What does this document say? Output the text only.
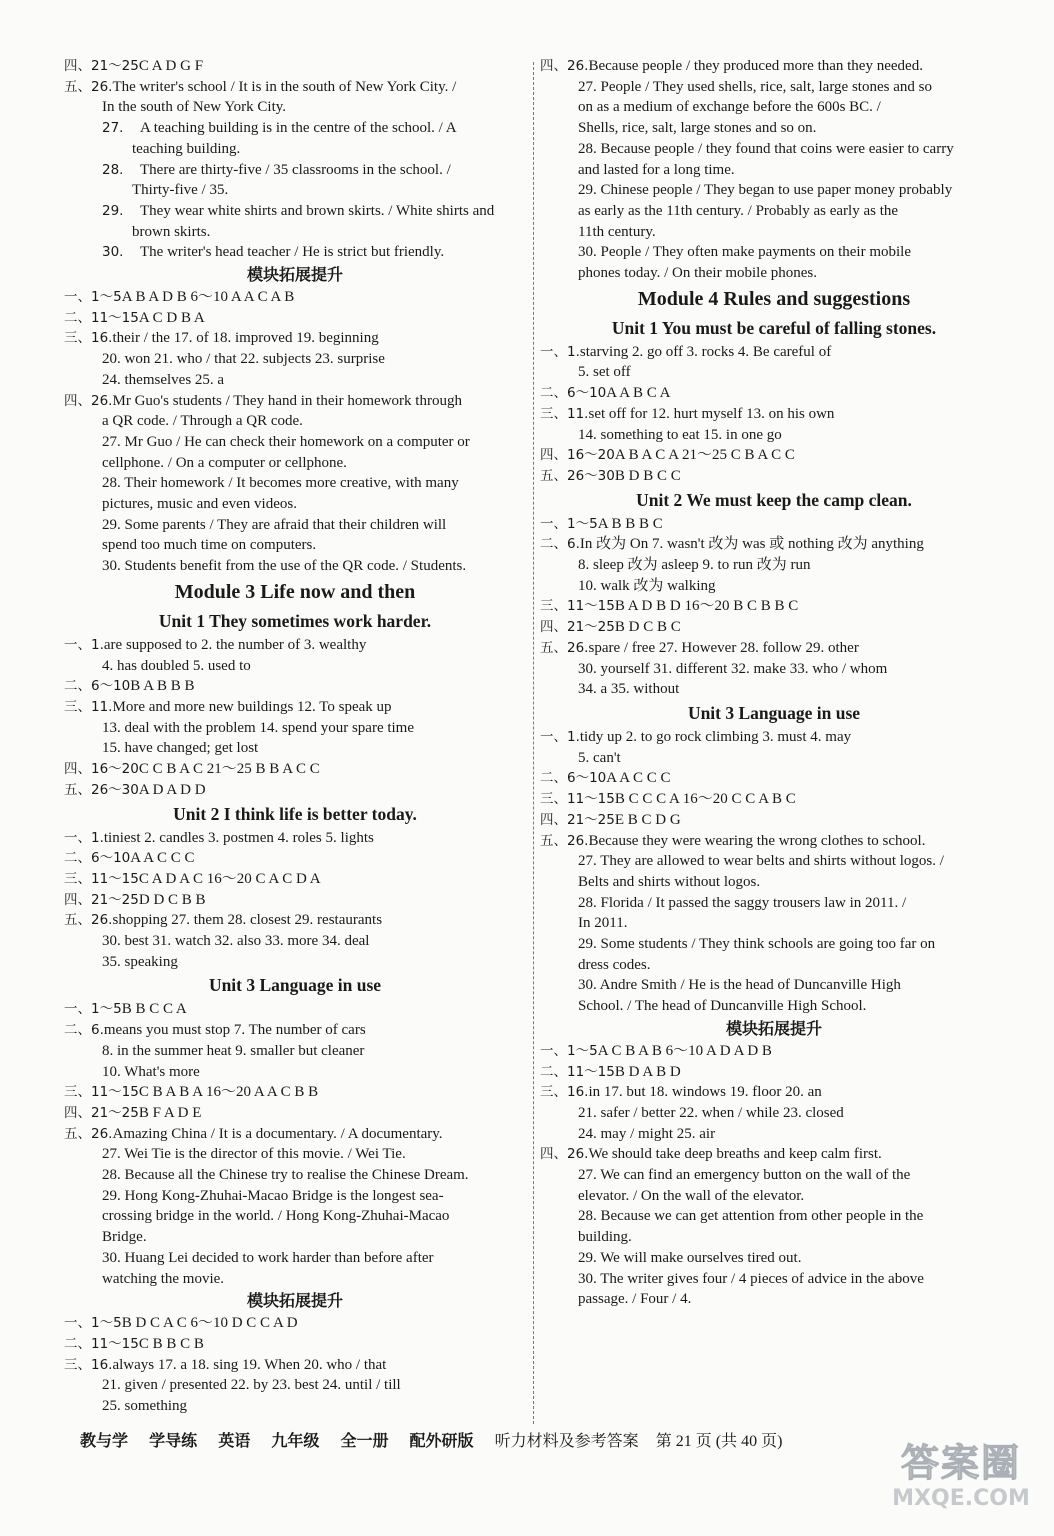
四、21～25C A D G F
五、26.The writer's school / It is in the south of New York City. /
In the south of New York City.
27. A teaching building is in the centre of the school. / A
teaching building.
28. There are thirty-five / 35 classrooms in the school. /
Thirty-five / 35.
29. They wear white shirts and brown skirts. / White shirts and
brown skirts.
30. The writer's head teacher / He is strict but friendly.
模块拓展提升
一、1～5A B A D B 6～10 A A C A B
二、11～15A C D B A
三、16.their / the 17. of 18. improved 19. beginning
20. won 21. who / that 22. subjects 23. surprise
24. themselves 25. a
四、26.Mr Guo's students / They hand in their homework through
a QR code. / Through a QR code.
27. Mr Guo / He can check their homework on a computer or
cellphone. / On a computer or cellphone.
28. Their homework / It becomes more creative, with many
pictures, music and even videos.
29. Some parents / They are afraid that their children will
spend too much time on computers.
30. Students benefit from the use of the QR code. / Students.
Module 3 Life now and then
Unit 1 They sometimes work harder.
一、1.are supposed to 2. the number of 3. wealthy
4. has doubled 5. used to
二、6～10B A B B B
三、11.More and more new buildings 12. To speak up
13. deal with the problem 14. spend your spare time
15. have changed; get lost
四、16～20C C B A C 21～25 B B A C C
五、26～30A D A D D
Unit 2 I think life is better today.
一、1.tiniest 2. candles 3. postmen 4. roles 5. lights
二、6～10A A C C C
三、11～15C A D A C 16～20 C A C D A
四、21～25D D C B B
五、26.shopping 27. them 28. closest 29. restaurants
30. best 31. watch 32. also 33. more 34. deal
35. speaking
Unit 3 Language in use
一、1～5B B C C A
二、6.means you must stop 7. The number of cars
8. in the summer heat 9. smaller but cleaner
10. What's more
三、11～15C B A B A 16～20 A A C B B
四、21～25B F A D E
五、26.Amazing China / It is a documentary. / A documentary.
27. Wei Tie is the director of this movie. / Wei Tie.
28. Because all the Chinese try to realise the Chinese Dream.
29. Hong Kong-Zhuhai-Macao Bridge is the longest sea-
crossing bridge in the world. / Hong Kong-Zhuhai-Macao
Bridge.
30. Huang Lei decided to work harder than before after
watching the movie.
模块拓展提升
一、1～5B D C A C 6～10 D C C A D
二、11～15C B B C B
三、16.always 17. a 18. sing 19. When 20. who / that
21. given / presented 22. by 23. best 24. until / till
25. something
四、26.Because people / they produced more than they needed.
27. People / They used shells, rice, salt, large stones and so
on as a medium of exchange before the 600s BC. /
Shells, rice, salt, large stones and so on.
28. Because people / they found that coins were easier to carry
and lasted for a long time.
29. Chinese people / They began to use paper money probably
as early as the 11th century. / Probably as early as the
11th century.
30. People / They often make payments on their mobile
phones today. / On their mobile phones.
Module 4 Rules and suggestions
Unit 1 You must be careful of falling stones.
一、1.starving 2. go off 3. rocks 4. Be careful of
5. set off
二、6～10A A B C A
三、11.set off for 12. hurt myself 13. on his own
14. something to eat 15. in one go
四、16～20A B A C A 21～25 C B A C C
五、26～30B D B C C
Unit 2 We must keep the camp clean.
一、1～5A B B B C
二、6.In 改为 On 7. wasn't 改为 was 或 nothing 改为 anything
8. sleep 改为 asleep 9. to run 改为 run
10. walk 改为 walking
三、11～15B A D B D 16～20 B C B B C
四、21～25B D C B C
五、26.spare / free 27. However 28. follow 29. other
30. yourself 31. different 32. make 33. who / whom
34. a 35. without
Unit 3 Language in use
一、1.tidy up 2. to go rock climbing 3. must 4. may
5. can't
二、6～10A A C C C
三、11～15B C C C A 16～20 C C A B C
四、21～25E B C D G
五、26.Because they were wearing the wrong clothes to school.
27. They are allowed to wear belts and shirts without logos. /
Belts and shirts without logos.
28. Florida / It passed the saggy trousers law in 2011. /
In 2011.
29. Some students / They think schools are going too far on
dress codes.
30. Andre Smith / He is the head of Duncanville High
School. / The head of Duncanville High School.
模块拓展提升
一、1～5A C B A B 6～10 A D A D B
二、11～15B D A B D
三、16.in 17. but 18. windows 19. floor 20. an
21. safer / better 22. when / while 23. closed
24. may / might 25. air
四、26.We should take deep breaths and keep calm first.
27. We can find an emergency button on the wall of the
elevator. / On the wall of the elevator.
28. Because we can get attention from other people in the
building.
29. We will make ourselves tired out.
30. The writer gives four / 4 pieces of advice in the above
passage. / Four / 4.
教与学 学导练 英语 九年级 全一册 配外研版 听力材料及参考答案 第 21 页 (共 40 页)	答案圈
MXQE.COM
